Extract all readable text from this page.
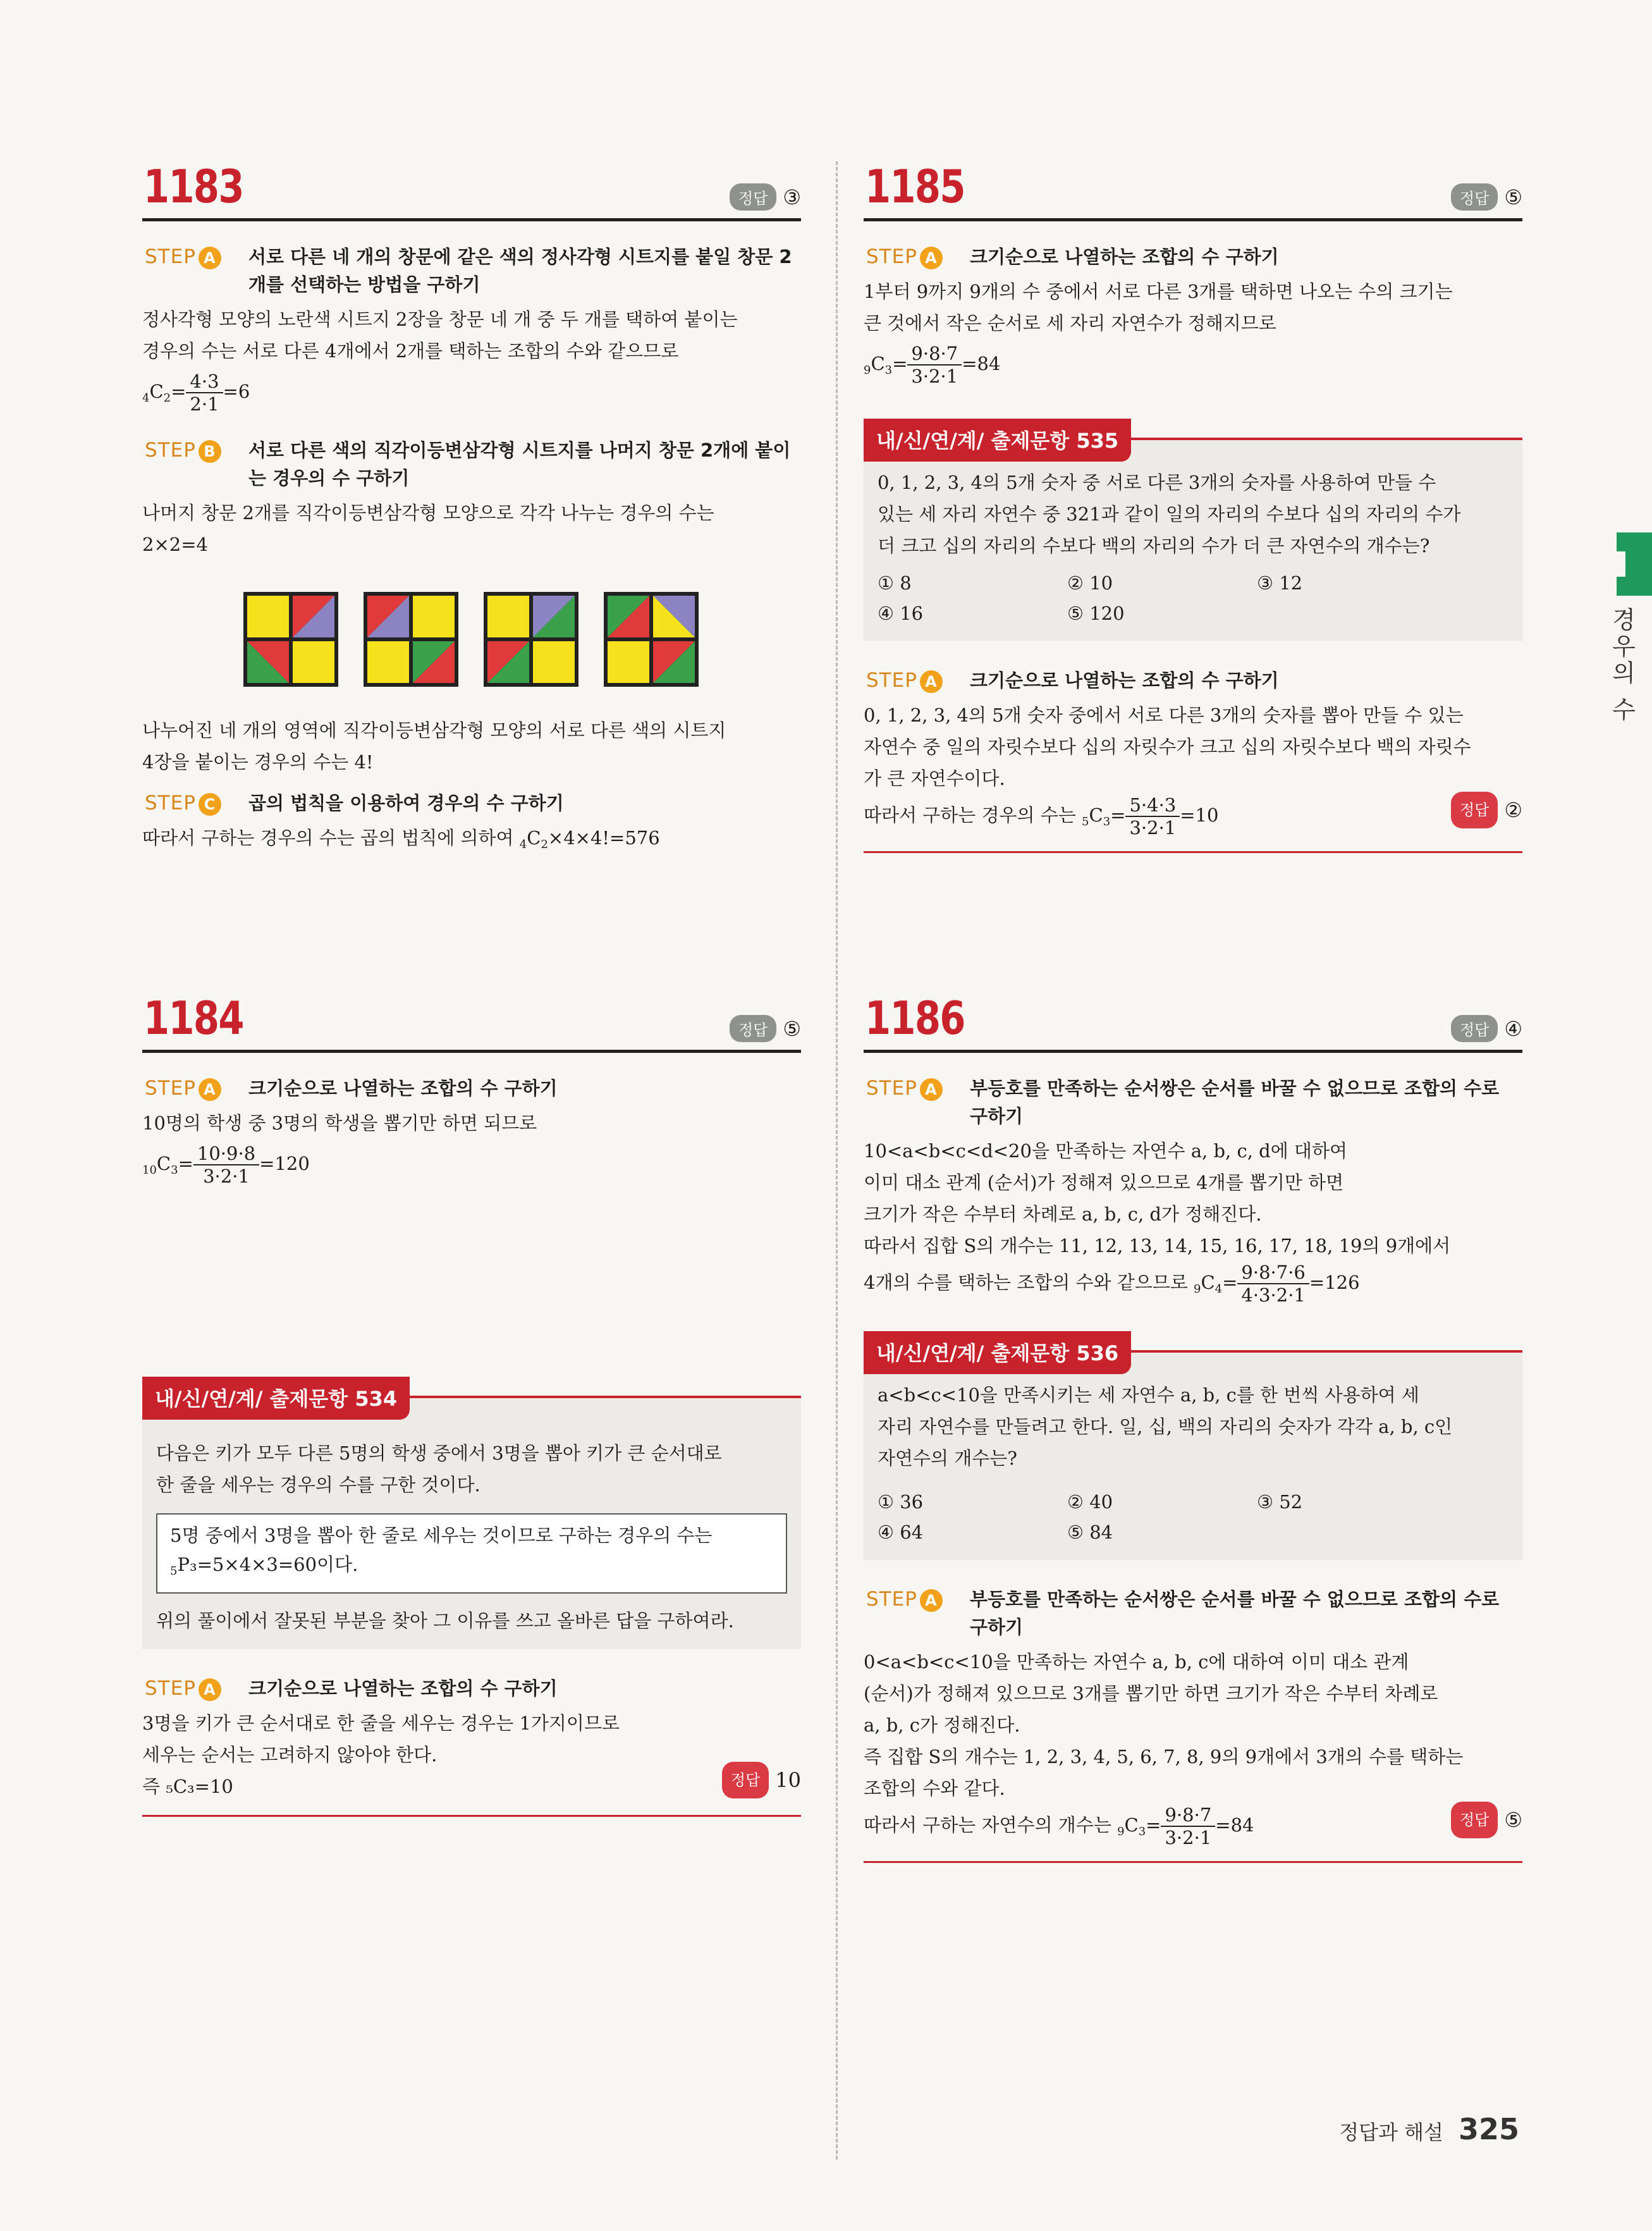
1183	정답 ③
STEP A 서로 다른 네 개의 창문에 같은 색의 정사각형 시트지를 붙일 창문 2개를 선택하는 방법을 구하기

정사각형 모양의 노란색 시트지 2장을 창문 네 개 중 두 개를 택하여 붙이는

경우의 수는 서로 다른 4개에서 2개를 택하는 조합의 수와 같으므로

$_4C_2= \frac{4\cdot 3}{2\cdot 1} =6$
STEP B 서로 다른 색의 직각이등변삼각형 시트지를 나머지 창문 2개에 붙이는 경우의 수 구하기

나머지 창문 2개를 직각이등변삼각형 모양으로 각각 나누는 경우의 수는

2×2=4

나누어진 네 개의 영역에 직각이등변삼각형 모양의 서로 다른 색의 시트지

4장을 붙이는 경우의 수는 4!

STEP C 곱의 법칙을 이용하여 경우의 수 구하기

따라서 구하는 경우의 수는 곱의 법칙에 의하여 $_4C_2\times 4\times 4!=576$

1184	정답 ⑤
STEP A 크기순으로 나열하는 조합의 수 구하기

10명의 학생 중 3명의 학생을 뽑기만 하면 되므로

$_{10}C_3= \frac{10\cdot 9\cdot 8}{3\cdot 2\cdot 1} =120$
내/신/연/계/ 출제문항 534
다음은 키가 모두 다른 5명의 학생 중에서 3명을 뽑아 키가 큰 순서대로
한 줄을 세우는 경우의 수를 구한 것이다.
5명 중에서 3명을 뽑아 한 줄로 세우는 것이므로 구하는 경우의 수는
$_5$P₃=5×4×3=60이다.
위의 풀이에서 잘못된 부분을 찾아 그 이유를 쓰고 올바른 답을 구하여라.
STEP A 크기순으로 나열하는 조합의 수 구하기

3명을 키가 큰 순서대로 한 줄을 세우는 경우는 1가지이므로

세우는 순서는 고려하지 않아야 한다.

즉 ₅C₃=10	정답 10
1185	정답 ⑤
STEP A 크기순으로 나열하는 조합의 수 구하기

1부터 9까지 9개의 수 중에서 서로 다른 3개를 택하면 나오는 수의 크기는

큰 것에서 작은 순서로 세 자리 자연수가 정해지므로

$_9C_3= \frac{9\cdot 8\cdot 7}{3\cdot 2\cdot 1} =84$
내/신/연/계/ 출제문항 535
0, 1, 2, 3, 4의 5개 숫자 중 서로 다른 3개의 숫자를 사용하여 만들 수
있는 세 자리 자연수 중 321과 같이 일의 자리의 수보다 십의 자리의 수가
더 크고 십의 자리의 수보다 백의 자리의 수가 더 큰 자연수의 개수는?
① 8	② 10	③ 12
④ 16	⑤ 120
STEP A 크기순으로 나열하는 조합의 수 구하기

0, 1, 2, 3, 4의 5개 숫자 중에서 서로 다른 3개의 숫자를 뽑아 만들 수 있는

자연수 중 일의 자릿수보다 십의 자릿수가 크고 십의 자릿수보다 백의 자릿수

가 큰 자연수이다.

따라서 구하는 경우의 수는 $_5C_3= \frac{5\cdot 4\cdot 3}{3\cdot 2\cdot 1} =10$	정답 ②
1186	정답 ④
STEP A 부등호를 만족하는 순서쌍은 순서를 바꿀 수 없으므로 조합의 수로 구하기

10<a<b<c<d<20을 만족하는 자연수 a, b, c, d에 대하여

이미 대소 관계 (순서)가 정해져 있으므로 4개를 뽑기만 하면

크기가 작은 수부터 차례로 a, b, c, d가 정해진다.

따라서 집합 S의 개수는 11, 12, 13, 14, 15, 16, 17, 18, 19의 9개에서

4개의 수를 택하는 조합의 수와 같으므로 $_9C_4= \frac{9\cdot 8\cdot 7\cdot 6}{4\cdot 3\cdot 2\cdot 1} =126$

내/신/연/계/ 출제문항 536
a<b<c<10을 만족시키는 세 자연수 a, b, c를 한 번씩 사용하여 세
자리 자연수를 만들려고 한다. 일, 십, 백의 자리의 숫자가 각각 a, b, c인
자연수의 개수는?
① 36	② 40	③ 52
④ 64	⑤ 84
STEP A 부등호를 만족하는 순서쌍은 순서를 바꿀 수 없으므로 조합의 수로 구하기

0<a<b<c<10을 만족하는 자연수 a, b, c에 대하여 이미 대소 관계

(순서)가 정해져 있으므로 3개를 뽑기만 하면 크기가 작은 수부터 차례로

a, b, c가 정해진다.

즉 집합 S의 개수는 1, 2, 3, 4, 5, 6, 7, 8, 9의 9개에서 3개의 수를 택하는

조합의 수와 같다.

따라서 구하는 자연수의 개수는 $_9C_3= \frac{9\cdot 8\cdot 7}{3\cdot 2\cdot 1} =84$	정답 ⑤
경우의 수
정답과 해설 325
